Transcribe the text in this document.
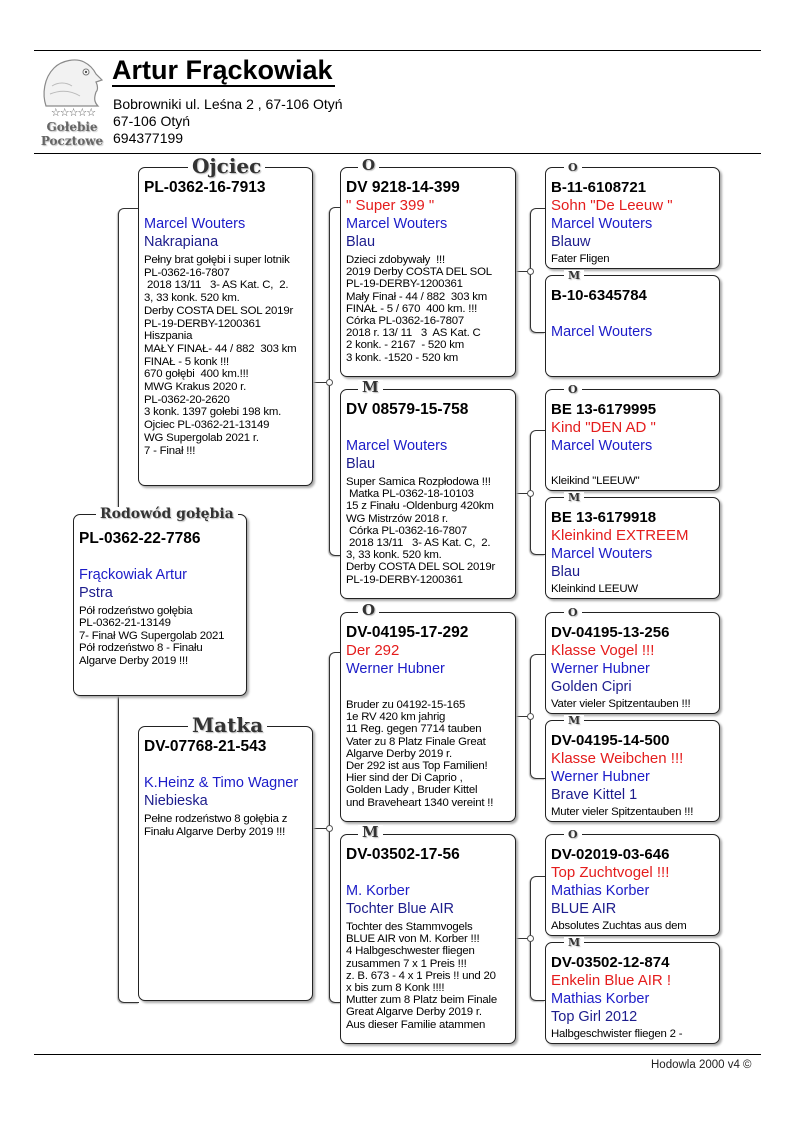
☆☆☆☆☆
Gołebie
Pocztowe
Artur Frąckowiak
Bobrowniki ul. Leśna 2 , 67-106 Otyń
67-106 Otyń
694377199
PL-0362-22-7786
Frąckowiak Artur
Pstra
Pół rodzeństwo gołębia
PL-0362-21-13149
7- Finał WG Supergolab 2021
Pół rodzeństwo 8 - Finału
Algarve Derby 2019 !!!
Rodowód gołębia
PL-0362-16-7913
Marcel Wouters
Nakrapiana
Pełny brat gołębi i super lotnik
PL-0362-16-7807
2018 13/11   3- AS Kat. C,  2.
3, 33 konk. 520 km.
Derby COSTA DEL SOL 2019r
PL-19-DERBY-1200361
Hiszpania
MAŁY FINAŁ- 44 / 882  303 km
FINAŁ - 5 konk !!!
670 gołębi  400 km.!!!
MWG Krakus 2020 r.
PL-0362-20-2620
3 konk. 1397 gołebi 198 km.
Ojciec PL-0362-21-13149
WG Supergolab 2021 r.
7 - Finał !!!
Ojciec
DV-07768-21-543
K.Heinz & Timo Wagner
Niebieska
Pełne rodzeństwo 8 gołębia z
Finału Algarve Derby 2019 !!!
Matka
DV 9218-14-399
" Super 399 "
Marcel Wouters
Blau
Dzieci zdobywały  !!!
2019 Derby COSTA DEL SOL
PL-19-DERBY-1200361
Mały Finał - 44 / 882  303 km
FINAŁ - 5 / 670  400 km. !!!
Córka PL-0362-16-7807
2018 r. 13/ 11   3  AS Kat. C
2 konk. - 2167  - 520 km
3 konk. -1520 - 520 km
O
DV 08579-15-758
Marcel Wouters
Blau
Super Samica Rozpłodowa !!!
Matka PL-0362-18-10103
15 z Finału -Oldenburg 420km
WG Mistrzów 2018 r.
Córka PL-0362-16-7807
2018 13/11   3- AS Kat. C,  2.
3, 33 konk. 520 km.
Derby COSTA DEL SOL 2019r
PL-19-DERBY-1200361
M
DV-04195-17-292
Der 292
Werner Hubner
Bruder zu 04192-15-165
1e RV 420 km jahrig
11 Reg. gegen 7714 tauben
Vater zu 8 Platz Finale Great
Algarve Derby 2019 r.
Der 292 ist aus Top Familien!
Hier sind der Di Caprio ,
Golden Lady , Bruder Kittel
und Braveheart 1340 vereint !!
O
DV-03502-17-56
M. Korber
Tochter Blue AIR
Tochter des Stammvogels
BLUE AIR von M. Korber !!!
4 Halbgeschwester fliegen
zusammen 7 x 1 Preis !!!
z. B. 673 - 4 x 1 Preis !! und 20
x bis zum 8 Konk !!!!
Mutter zum 8 Platz beim Finale
Great Algarve Derby 2019 r.
Aus dieser Familie atammen
M
B-11-6108721
Sohn "De Leeuw "
Marcel Wouters
Blauw
Fater Fligen
O
B-10-6345784
Marcel Wouters
M
BE 13-6179995
Kind "DEN AD "
Marcel Wouters
Kleikind "LEEUW"
O
BE 13-6179918
Kleinkind EXTREEM
Marcel Wouters
Blau
Kleinkind LEEUW
M
DV-04195-13-256
Klasse Vogel !!!
Werner Hubner
Golden Cipri
Vater vieler Spitzentauben !!!
O
DV-04195-14-500
Klasse Weibchen !!!
Werner Hubner
Brave Kittel 1
Muter vieler Spitzentauben !!!
M
DV-02019-03-646
Top Zuchtvogel !!!
Mathias Korber
BLUE AIR
Absolutes Zuchtas aus dem
O
DV-03502-12-874
Enkelin Blue AIR !
Mathias Korber
Top Girl 2012
Halbgeschwister fliegen 2 -
M
Hodowla 2000 v4 ©
